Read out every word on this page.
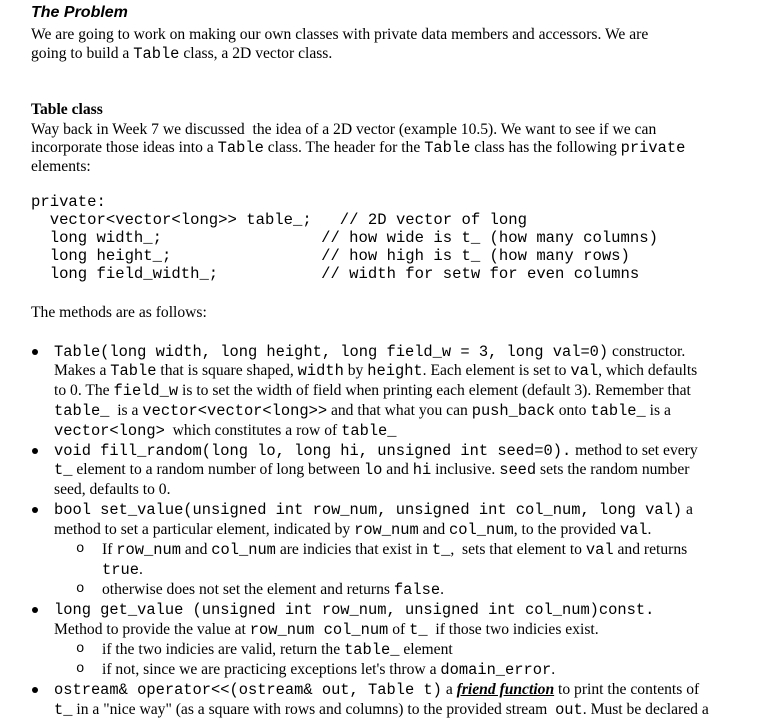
The Problem
Table class
The methods are as follows:
We are going to work on making our own classes with private data members and accessors. We are
going to build a Table class, a 2D vector class.
Way back in Week 7 we discussed  the idea of a 2D vector (example 10.5). We want to see if we can
incorporate those ideas into a Table class. The header for the Table class has the following private
elements:
private:
vector<vector<long>> table_;   // 2D vector of long
long width_;                 // how wide is t_ (how many columns)
long height_;                // how high is t_ (how many rows)
long field_width_;           // width for setw for even columns
Table(long width, long height, long field_w = 3, long val=0) constructor.
Makes a Table that is square shaped, width by height. Each element is set to val, which defaults
to 0. The field_w is to set the width of field when printing each element (default 3). Remember that
table_  is a vector<vector<long>> and that what you can push_back onto table_ is a
vector<long>  which constitutes a row of table_
void fill_random(long lo, long hi, unsigned int seed=0). method to set every
t_ element to a random number of long between lo and hi inclusive. seed sets the random number
seed, defaults to 0.
bool set_value(unsigned int row_num, unsigned int col_num, long val) a
method to set a particular element, indicated by row_num and col_num, to the provided val.
o If row_num and col_num are indicies that exist in t_,  sets that element to val and returns
true.
o otherwise does not set the element and returns false.
long get_value (unsigned int row_num, unsigned int col_num)const.
Method to provide the value at row_num col_num of t_  if those two indicies exist.
o if the two indicies are valid, return the table_ element
o if not, since we are practicing exceptions let's throw a domain_error.
ostream& operator<<(ostream& out, Table t) a friend function to print the contents of
t_ in a "nice way" (as a square with rows and columns) to the provided stream  out. Must be declared a
